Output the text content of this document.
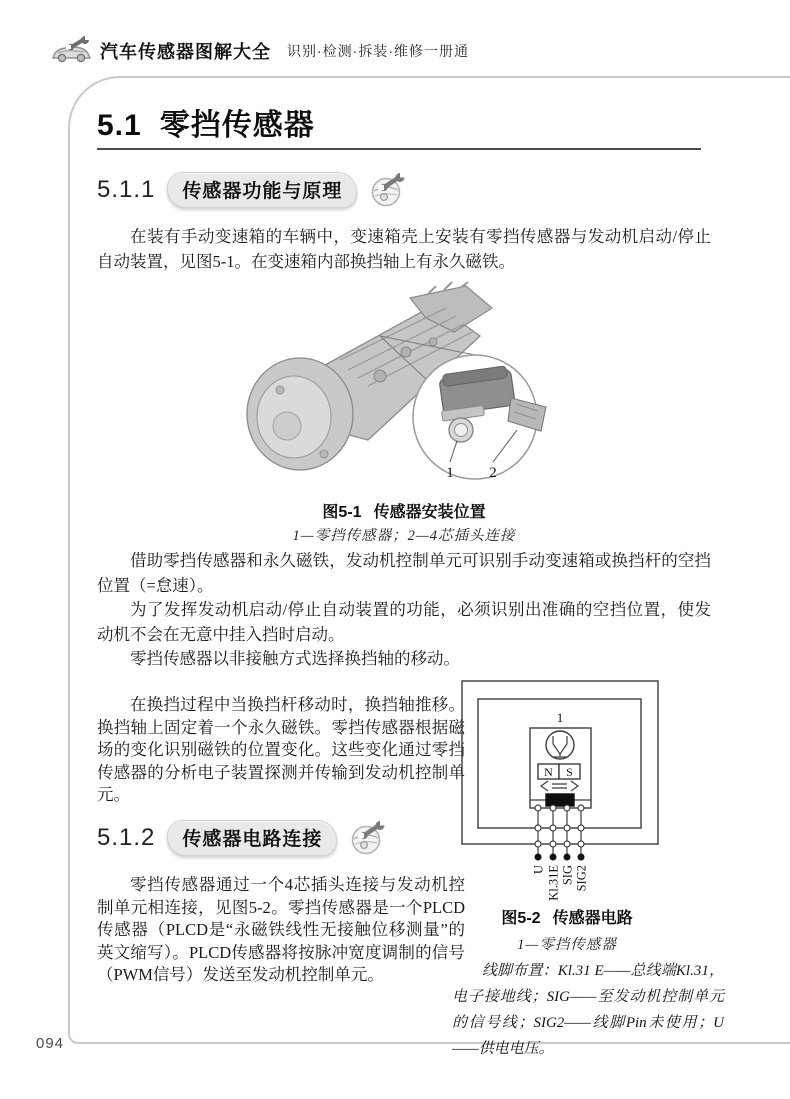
汽车传感器图解大全 识别·检测·拆装·维修一册通
5.1 零挡传感器
5.1.1	传感器功能与原理

在装有手动变速箱的车辆中，变速箱壳上安装有零挡传感器与发动机启动/停止自动装置，见图5-1。在变速箱内部换挡轴上有永久磁铁。

1 2
图5-1 传感器安装位置
1—零挡传感器；2—4芯插头连接

借助零挡传感器和永久磁铁，发动机控制单元可识别手动变速箱或换挡杆的空挡位置（=怠速）。

为了发挥发动机启动/停止自动装置的功能，必须识别出准确的空挡位置，使发动机不会在无意中挂入挡时启动。

零挡传感器以非接触方式选择换挡轴的移动。

在换挡过程中当换挡杆移动时，换挡轴推移。换挡轴上固定着一个永久磁铁。零挡传感器根据磁场的变化识别磁铁的位置变化。这些变化通过零挡传感器的分析电子装置探测并传输到发动机控制单元。

5.1.2	传感器电路连接

零挡传感器通过一个4芯插头连接与发动机控制单元相连接，见图5-2。零挡传感器是一个PLCD传感器（PLCD是“永磁铁线性无接触位移测量”的英文缩写）。PLCD传感器将按脉冲宽度调制的信号（PWM信号）发送至发动机控制单元。

1
N S
U Kl.31E SIG SIG2
图5-2 传感器电路
1—零挡传感器

线脚布置：Kl.31 E——总线端Kl.31，电子接地线；SIG——至发动机控制单元的信号线；SIG2——线脚Pin未使用；U——供电电压。

094
